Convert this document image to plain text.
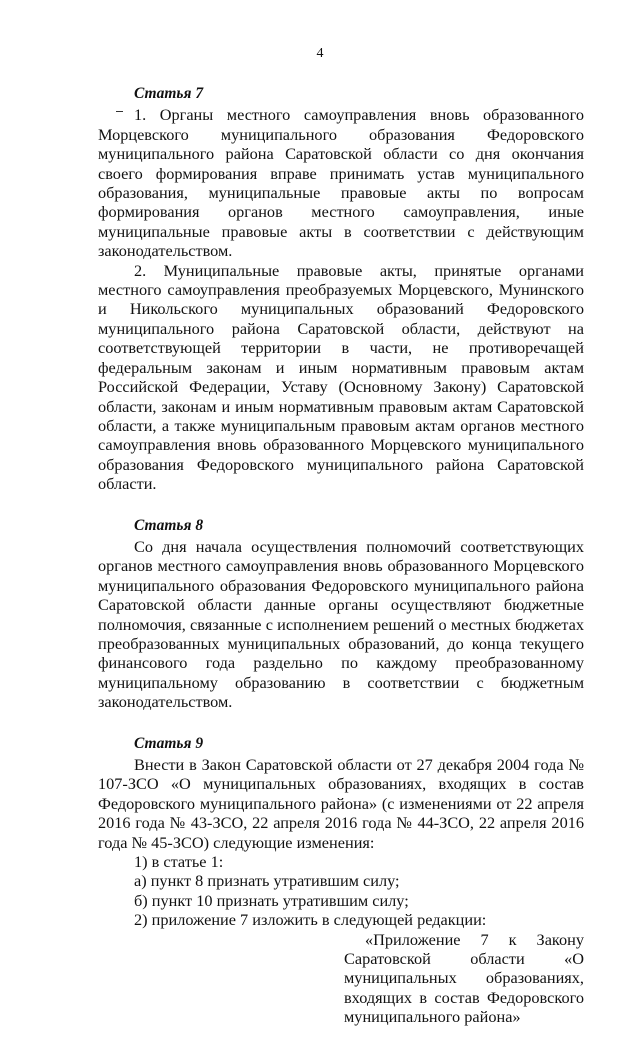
4

Статья 7

1. Органы местного самоуправления вновь образованного Морцевского муниципального образования Федоровского муниципального района Саратовской области со дня окончания своего формирования вправе принимать устав муниципального образования, муниципальные правовые акты по вопросам формирования органов местного самоуправления, иные муниципальные правовые акты в соответствии с действующим законодательством.

2. Муниципальные правовые акты, принятые органами местного самоуправления преобразуемых Морцевского, Мунинского и Никольского муниципальных образований Федоровского муниципального района Саратовской области, действуют на соответствующей территории в части, не противоречащей федеральным законам и иным нормативным правовым актам Российской Федерации, Уставу (Основному Закону) Саратовской области, законам и иным нормативным правовым актам Саратовской области, а также муниципальным правовым актам органов местного самоуправления вновь образованного Морцевского муниципального образования Федоровского муниципального района Саратовской области.

Статья 8

Со дня начала осуществления полномочий соответствующих органов местного самоуправления вновь образованного Морцевского муниципального образования Федоровского муниципального района Саратовской области данные органы осуществляют бюджетные полномочия, связанные с исполнением решений о местных бюджетах преобразованных муниципальных образований, до конца текущего финансового года раздельно по каждому преобразованному муниципальному образованию в соответствии с бюджетным законодательством.

Статья 9

Внести в Закон Саратовской области от 27 декабря 2004 года № 107-ЗСО «О муниципальных образованиях, входящих в состав Федоровского муниципального района» (с изменениями от 22 апреля 2016 года № 43-ЗСО, 22 апреля 2016 года № 44-ЗСО, 22 апреля 2016 года № 45-ЗСО) следующие изменения:

1) в статье 1:

а) пункт 8 признать утратившим силу;

б) пункт 10 признать утратившим силу;

2) приложение 7 изложить в следующей редакции:

«Приложение 7 к Закону Саратовской области «О муниципальных образованиях, входящих в состав Федоровского муниципального района»
